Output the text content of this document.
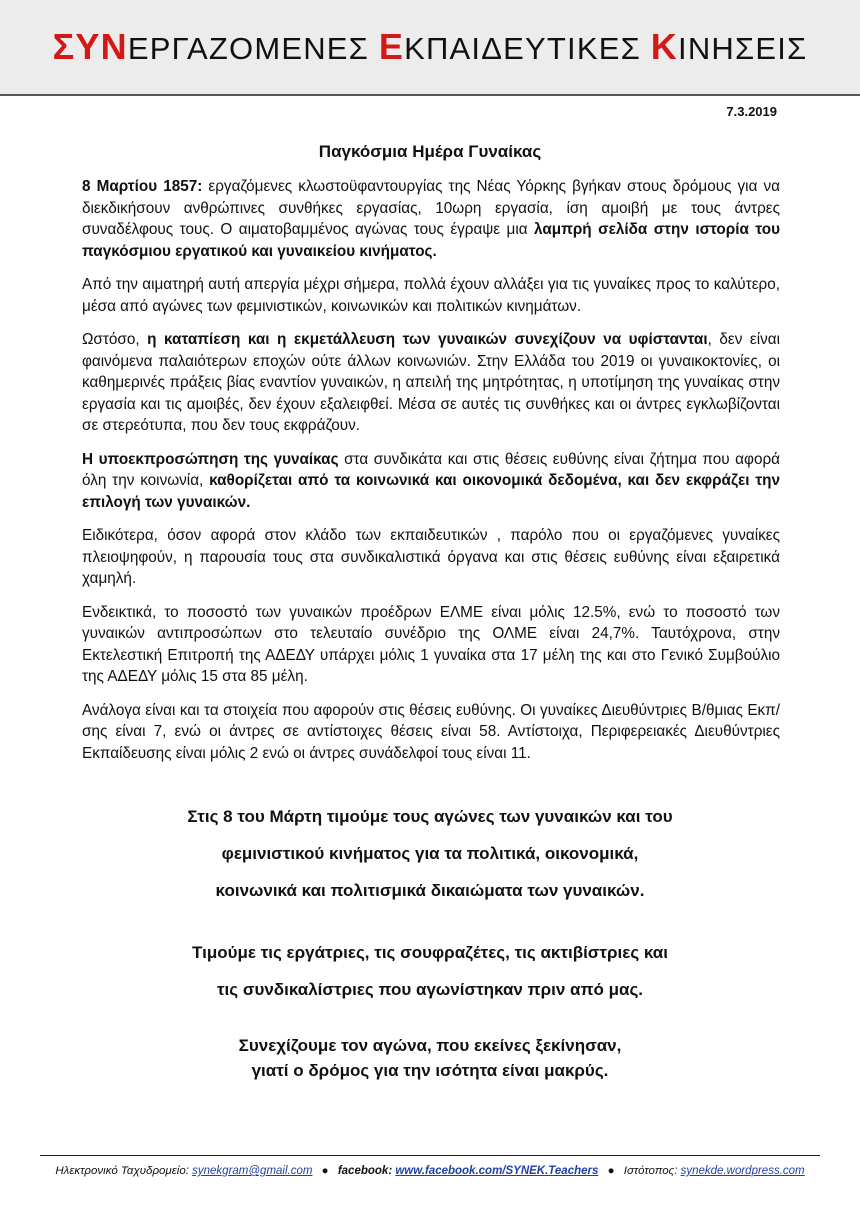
ΣΥΝΕΡΓΑΖΟΜΕΝΕΣ ΕΚΠΑΙΔΕΥΤΙΚΕΣ ΚΙΝΗΣΕΙΣ
7.3.2019
Παγκόσμια Ημέρα Γυναίκας

8 Μαρτίου 1857: εργαζόμενες κλωστοϋφαντουργίας της Νέας Υόρκης βγήκαν στους δρόμους για να διεκδικήσουν ανθρώπινες συνθήκες εργασίας, 10ωρη εργασία, ίση αμοιβή με τους άντρες συναδέλφους τους. Ο αιματοβαμμένος αγώνας τους έγραψε μια λαμπρή σελίδα στην ιστορία του παγκόσμιου εργατικού και γυναικείου κινήματος.

Από την αιματηρή αυτή απεργία μέχρι σήμερα, πολλά έχουν αλλάξει για τις γυναίκες προς το καλύτερο, μέσα από αγώνες των φεμινιστικών, κοινωνικών και πολιτικών κινημάτων.

Ωστόσο, η καταπίεση και η εκμετάλλευση των γυναικών συνεχίζουν να υφίστανται, δεν είναι φαινόμενα παλαιότερων εποχών ούτε άλλων κοινωνιών. Στην Ελλάδα του 2019 οι γυναικοκτονίες, οι καθημερινές πράξεις βίας εναντίον γυναικών, η απειλή της μητρότητας, η υποτίμηση της γυναίκας στην εργασία και τις αμοιβές, δεν έχουν εξαλειφθεί. Μέσα σε αυτές τις συνθήκες και οι άντρες εγκλωβίζονται σε στερεότυπα, που δεν τους εκφράζουν.

Η υποεκπροσώπηση της γυναίκας στα συνδικάτα και στις θέσεις ευθύνης είναι ζήτημα που αφορά όλη την κοινωνία, καθορίζεται από τα κοινωνικά και οικονομικά δεδομένα, και δεν εκφράζει την επιλογή των γυναικών.

Ειδικότερα, όσον αφορά στον κλάδο των εκπαιδευτικών , παρόλο που οι εργαζόμενες γυναίκες πλειοψηφούν, η παρουσία τους στα συνδικαλιστικά όργανα και στις θέσεις ευθύνης είναι εξαιρετικά χαμηλή.

Ενδεικτικά, το ποσοστό των γυναικών προέδρων ΕΛΜΕ είναι μόλις 12.5%, ενώ το ποσοστό των γυναικών αντιπροσώπων στο τελευταίο συνέδριο της ΟΛΜΕ είναι 24,7%. Ταυτόχρονα, στην Εκτελεστική Επιτροπή της ΑΔΕΔΥ υπάρχει μόλις 1 γυναίκα στα 17 μέλη της και στο Γενικό Συμβούλιο της ΑΔΕΔΥ μόλις 15 στα 85 μέλη.

Ανάλογα είναι και τα στοιχεία που αφορούν στις θέσεις ευθύνης. Οι γυναίκες Διευθύντριες Β/θμιας Εκπ/σης είναι 7, ενώ οι άντρες σε αντίστοιχες θέσεις είναι 58. Αντίστοιχα, Περιφερειακές Διευθύντριες Εκπαίδευσης είναι μόλις 2 ενώ οι άντρες συνάδελφοί τους είναι 11.

Στις 8 του Μάρτη τιμούμε τους αγώνες των γυναικών και του
φεμινιστικού κινήματος για τα πολιτικά, οικονομικά,
κοινωνικά και πολιτισμικά δικαιώματα των γυναικών.
Τιμούμε τις εργάτριες, τις σουφραζέτες, τις ακτιβίστριες και
τις συνδικαλίστριες που αγωνίστηκαν πριν από μας.
Συνεχίζουμε τον αγώνα, που εκείνες ξεκίνησαν,
γιατί ο δρόμος για την ισότητα είναι μακρύς.
Ηλεκτρονικό Ταχυδρομείο: synekgram@gmail.com ● facebook: www.facebook.com/SYNEK.Teachers ● Ιστότοπος: synekde.wordpress.com
